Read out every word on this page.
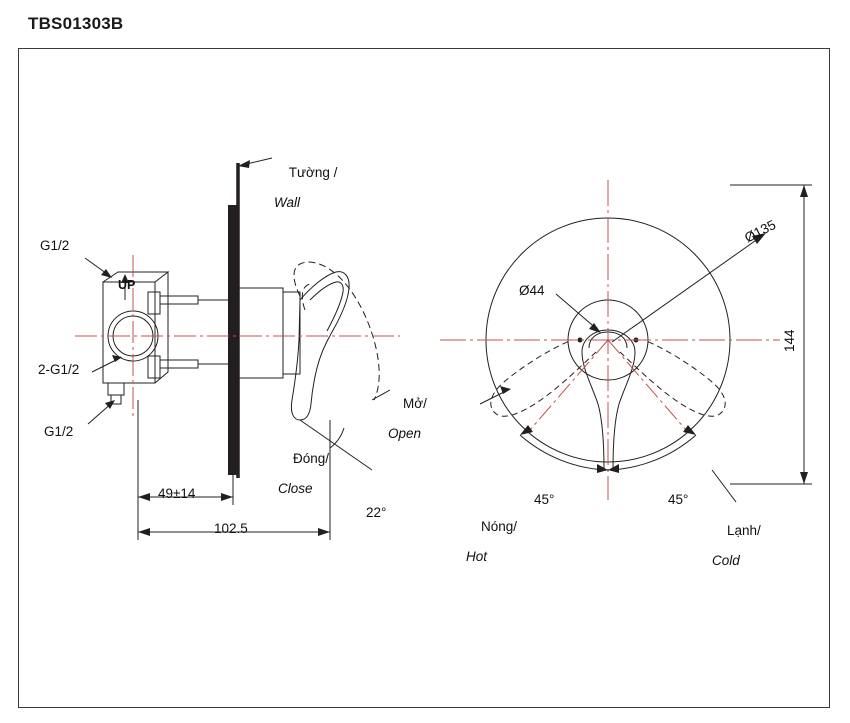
TBS01303B

Tường /

Wall

G1/2
2-G1/2
G1/2
UP

Mở/

Open

Đóng/

Close

49±14
102.5
22°
Ø135
Ø44
144
45°	45°

Nóng/

Hot

Lạnh/

Cold
